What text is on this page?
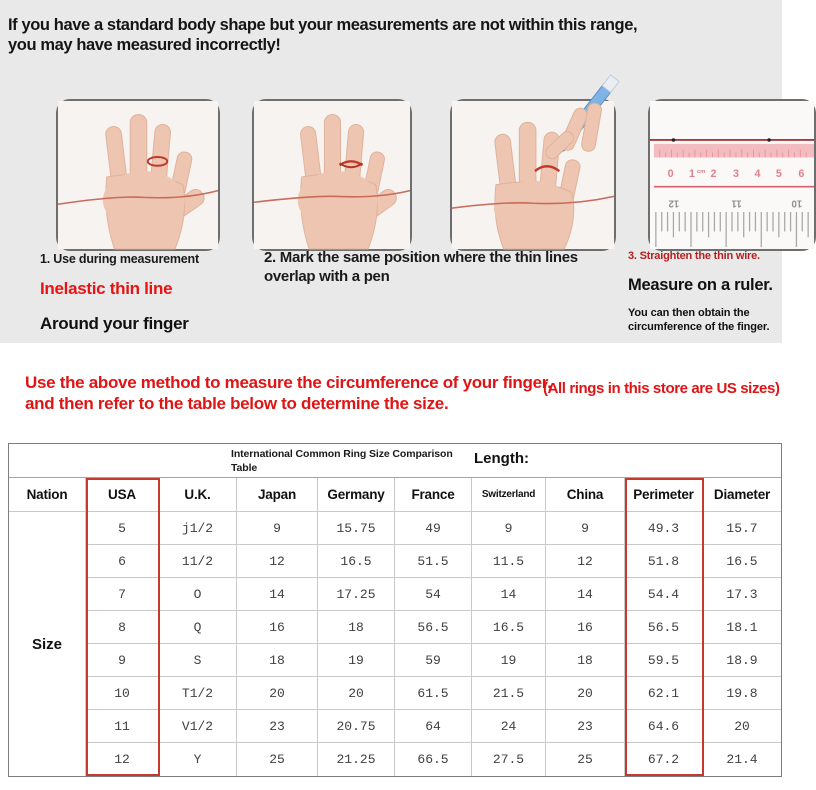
If you have a standard body shape but your measurements are not within this range, you may have measured incorrectly!
0 1 cm 2 3 4 5 6
12	11	10
1. Use during measurement
Inelastic thin line
Around your finger
2. Mark the same position where the thin lines overlap with a pen
3. Straighten the thin wire.
Measure on a ruler.
You can then obtain the circumference of the finger.

Use the above method to measure the circumference of your finger, and then refer to the table below to determine the size.

(All rings in this store are US sizes)

International Common Ring Size Comparison Table
Length:
Nation	USA	U.K.	Japan	Germany	France	Switzerland	China	Perimeter	Diameter
Size
5	j1/2	9	15.75	49	9	9	49.3	15.7
6	11/2	12	16.5	51.5	11.5	12	51.8	16.5
7	O	14	17.25	54	14	14	54.4	17.3
8	Q	16	18	56.5	16.5	16	56.5	18.1
9	S	18	19	59	19	18	59.5	18.9
10	T1/2	20	20	61.5	21.5	20	62.1	19.8
11	V1/2	23	20.75	64	24	23	64.6	20
12	Y	25	21.25	66.5	27.5	25	67.2	21.4
